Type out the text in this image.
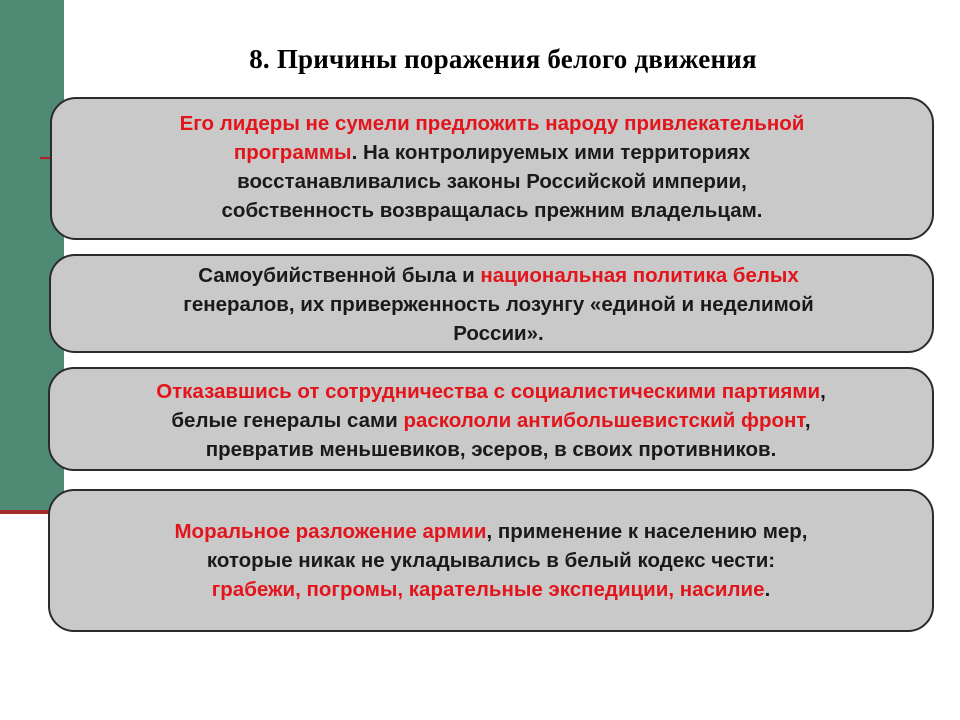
8. Причины поражения белого движения
Его лидеры не сумели предложить народу привлекательной
программы. На контролируемых ими территориях
восстанавливались законы Российской империи,
собственность возвращалась прежним владельцам.
Самоубийственной была и национальная политика белых
генералов, их приверженность лозунгу «единой и неделимой
России».
Отказавшись от сотрудничества с социалистическими партиями,
белые генералы сами раскололи антибольшевистский фронт,
превратив меньшевиков, эсеров, в своих противников.
Моральное разложение армии, применение к населению мер,
которые никак не укладывались в белый кодекс чести:
грабежи, погромы, карательные экспедиции, насилие.
